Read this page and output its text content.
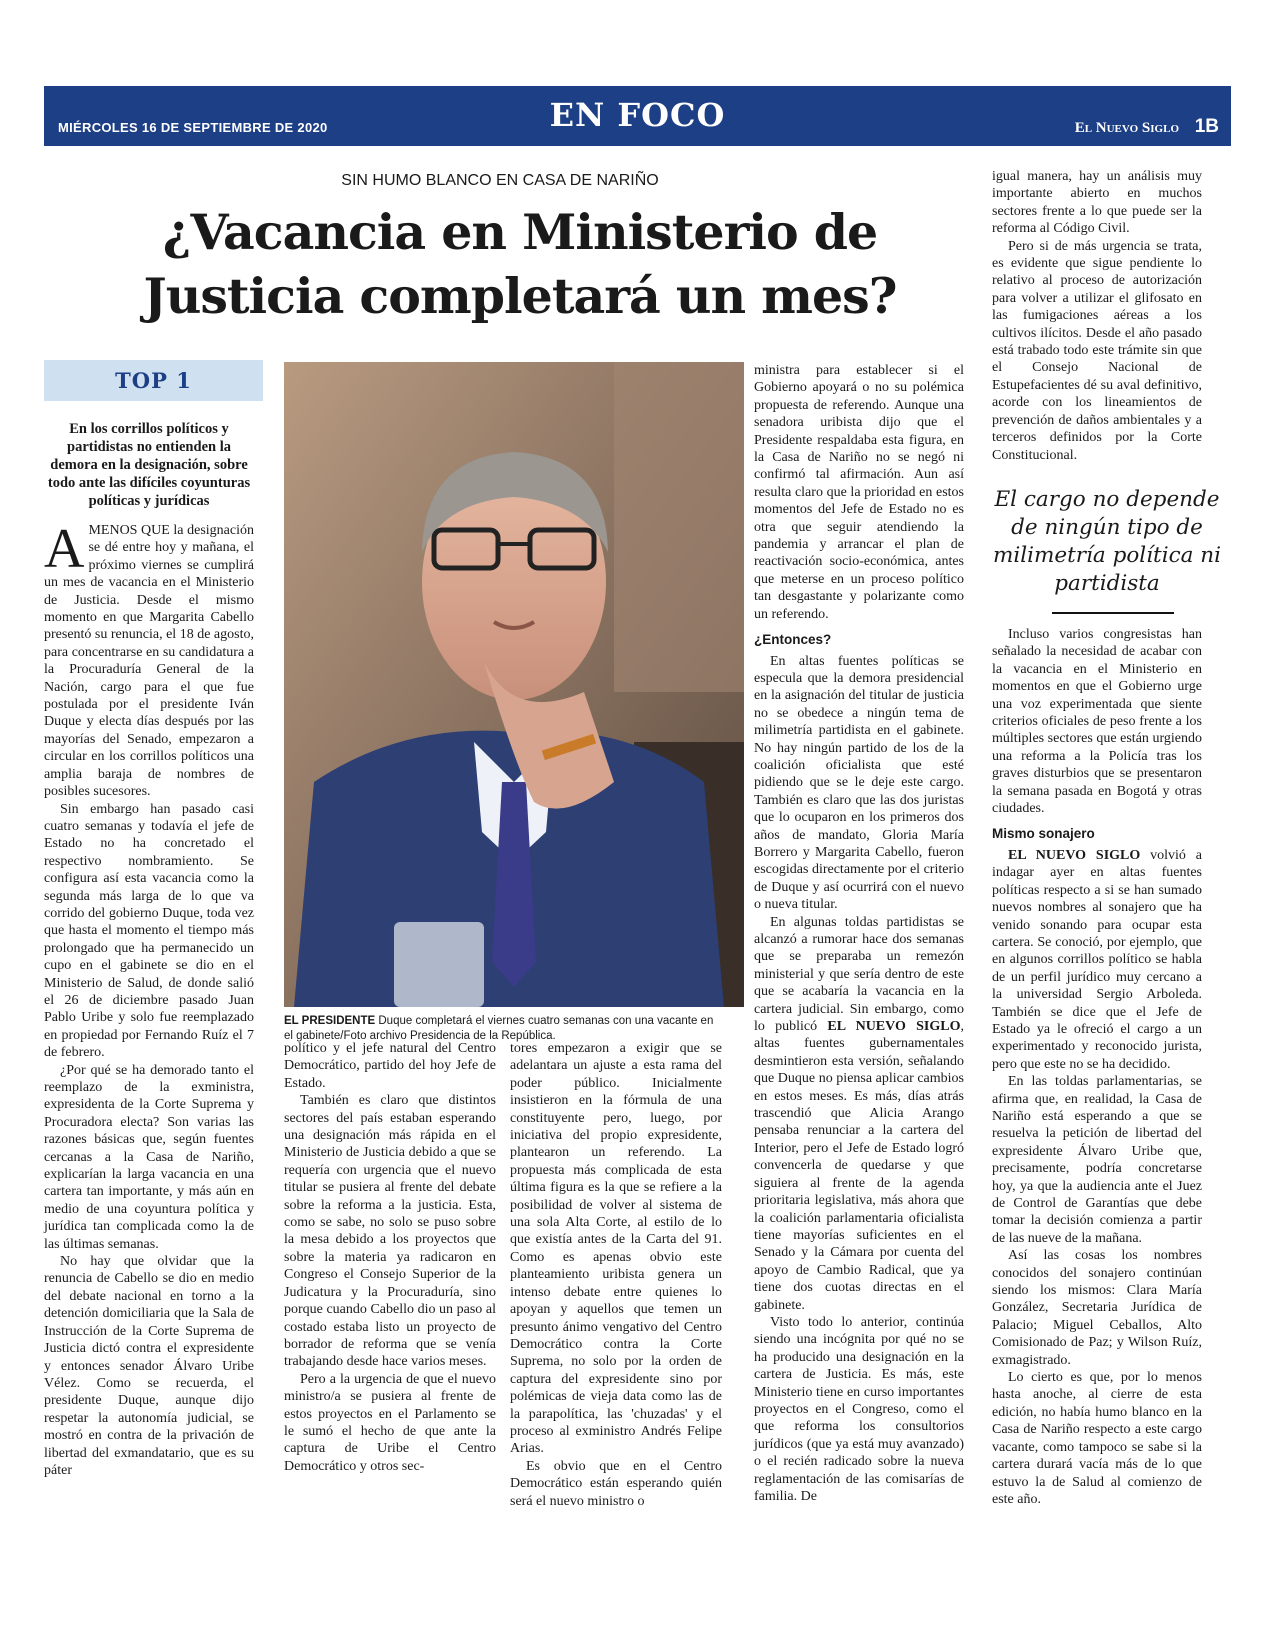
MIÉRCOLES 16 DE SEPTIEMBRE DE 2020	EN FOCO	El Nuevo Siglo 1B
SIN HUMO BLANCO EN CASA DE NARIÑO
¿Vacancia en Ministerio de
Justicia completará un mes?
TOP 1
En los corrillos políticos y partidistas no entienden la demora en la designación, sobre todo ante las difíciles coyunturas políticas y jurídicas

AMENOS QUE la designación se dé entre hoy y mañana, el próximo viernes se cumplirá un mes de vacancia en el Ministerio de Justicia. Desde el mismo momento en que Margarita Cabello presentó su renuncia, el 18 de agosto, para concentrarse en su candidatura a la Procuraduría General de la Nación, cargo para el que fue postulada por el presidente Iván Duque y electa días después por las mayorías del Senado, empezaron a circular en los corrillos políticos una amplia baraja de nombres de posibles sucesores.

Sin embargo han pasado casi cuatro semanas y todavía el jefe de Estado no ha concretado el respectivo nombramiento. Se configura así esta vacancia como la segunda más larga de lo que va corrido del gobierno Duque, toda vez que hasta el momento el tiempo más prolongado que ha permanecido un cupo en el gabinete se dio en el Ministerio de Salud, de donde salió el 26 de diciembre pasado Juan Pablo Uribe y solo fue reemplazado en propiedad por Fernando Ruíz el 7 de febrero.

¿Por qué se ha demorado tanto el reemplazo de la exministra, expresidenta de la Corte Suprema y Procuradora electa? Son varias las razones básicas que, según fuentes cercanas a la Casa de Nariño, explicarían la larga vacancia en una cartera tan importante, y más aún en medio de una coyuntura política y jurídica tan complicada como la de las últimas semanas.

No hay que olvidar que la renuncia de Cabello se dio en medio del debate nacional en torno a la detención domiciliaria que la Sala de Instrucción de la Corte Suprema de Justicia dictó contra el expresidente y entonces senador Álvaro Uribe Vélez. Como se recuerda, el presidente Duque, aunque dijo respetar la autonomía judicial, se mostró en contra de la privación de libertad del exmandatario, que es su páter

EL PRESIDENTE Duque completará el viernes cuatro semanas con una vacante en el gabinete/Foto archivo Presidencia de la República.

político y el jefe natural del Centro Democrático, partido del hoy Jefe de Estado.

También es claro que distintos sectores del país estaban esperando una designación más rápida en el Ministerio de Justicia debido a que se requería con urgencia que el nuevo titular se pusiera al frente del debate sobre la reforma a la justicia. Esta, como se sabe, no solo se puso sobre la mesa debido a los proyectos que sobre la materia ya radicaron en Congreso el Consejo Superior de la Judicatura y la Procuraduría, sino porque cuando Cabello dio un paso al costado estaba listo un proyecto de borrador de reforma que se venía trabajando desde hace varios meses.

Pero a la urgencia de que el nuevo ministro/a se pusiera al frente de estos proyectos en el Parlamento se le sumó el hecho de que ante la captura de Uribe el Centro Democrático y otros sec-

tores empezaron a exigir que se adelantara un ajuste a esta rama del poder público. Inicialmente insistieron en la fórmula de una constituyente pero, luego, por iniciativa del propio expresidente, plantearon un referendo. La propuesta más complicada de esta última figura es la que se refiere a la posibilidad de volver al sistema de una sola Alta Corte, al estilo de lo que existía antes de la Carta del 91. Como es apenas obvio este planteamiento uribista genera un intenso debate entre quienes lo apoyan y aquellos que temen un presunto ánimo vengativo del Centro Democrático contra la Corte Suprema, no solo por la orden de captura del expresidente sino por polémicas de vieja data como las de la parapolítica, las 'chuzadas' y el proceso al exministro Andrés Felipe Arias.

Es obvio que en el Centro Democrático están esperando quién será el nuevo ministro o

ministra para establecer si el Gobierno apoyará o no su polémica propuesta de referendo. Aunque una senadora uribista dijo que el Presidente respaldaba esta figura, en la Casa de Nariño no se negó ni confirmó tal afirmación. Aun así resulta claro que la prioridad en estos momentos del Jefe de Estado no es otra que seguir atendiendo la pandemia y arrancar el plan de reactivación socio-económica, antes que meterse en un proceso político tan desgastante y polarizante como un referendo.

¿Entonces?

En altas fuentes políticas se especula que la demora presidencial en la asignación del titular de justicia no se obedece a ningún tema de milimetría partidista en el gabinete. No hay ningún partido de los de la coalición oficialista que esté pidiendo que se le deje este cargo. También es claro que las dos juristas que lo ocuparon en los primeros dos años de mandato, Gloria María Borrero y Margarita Cabello, fueron escogidas directamente por el criterio de Duque y así ocurrirá con el nuevo o nueva titular.

En algunas toldas partidistas se alcanzó a rumorar hace dos semanas que se preparaba un remezón ministerial y que sería dentro de este que se acabaría la vacancia en la cartera judicial. Sin embargo, como lo publicó EL NUEVO SIGLO, altas fuentes gubernamentales desmintieron esta versión, señalando que Duque no piensa aplicar cambios en estos meses. Es más, días atrás trascendió que Alicia Arango pensaba renunciar a la cartera del Interior, pero el Jefe de Estado logró convencerla de quedarse y que siguiera al frente de la agenda prioritaria legislativa, más ahora que la coalición parlamentaria oficialista tiene mayorías suficientes en el Senado y la Cámara por cuenta del apoyo de Cambio Radical, que ya tiene dos cuotas directas en el gabinete.

Visto todo lo anterior, continúa siendo una incógnita por qué no se ha producido una designación en la cartera de Justicia. Es más, este Ministerio tiene en curso importantes proyectos en el Congreso, como el que reforma los consultorios jurídicos (que ya está muy avanzado) o el recién radicado sobre la nueva reglamentación de las comisarías de familia. De

igual manera, hay un análisis muy importante abierto en muchos sectores frente a lo que puede ser la reforma al Código Civil.

Pero si de más urgencia se trata, es evidente que sigue pendiente lo relativo al proceso de autorización para volver a utilizar el glifosato en las fumigaciones aéreas a los cultivos ilícitos. Desde el año pasado está trabado todo este trámite sin que el Consejo Nacional de Estupefacientes dé su aval definitivo, acorde con los lineamientos de prevención de daños ambientales y a terceros definidos por la Corte Constitucional.

El cargo no depende de ningún tipo de milimetría política ni partidista

Incluso varios congresistas han señalado la necesidad de acabar con la vacancia en el Ministerio en momentos en que el Gobierno urge una voz experimentada que siente criterios oficiales de peso frente a los múltiples sectores que están urgiendo una reforma a la Policía tras los graves disturbios que se presentaron la semana pasada en Bogotá y otras ciudades.

Mismo sonajero

EL NUEVO SIGLO volvió a indagar ayer en altas fuentes políticas respecto a si se han sumado nuevos nombres al sonajero que ha venido sonando para ocupar esta cartera. Se conoció, por ejemplo, que en algunos corrillos político se habla de un perfil jurídico muy cercano a la universidad Sergio Arboleda. También se dice que el Jefe de Estado ya le ofreció el cargo a un experimentado y reconocido jurista, pero que este no se ha decidido.

En las toldas parlamentarias, se afirma que, en realidad, la Casa de Nariño está esperando a que se resuelva la petición de libertad del expresidente Álvaro Uribe que, precisamente, podría concretarse hoy, ya que la audiencia ante el Juez de Control de Garantías que debe tomar la decisión comienza a partir de las nueve de la mañana.

Así las cosas los nombres conocidos del sonajero continúan siendo los mismos: Clara María González, Secretaria Jurídica de Palacio; Miguel Ceballos, Alto Comisionado de Paz; y Wilson Ruíz, exmagistrado.

Lo cierto es que, por lo menos hasta anoche, al cierre de esta edición, no había humo blanco en la Casa de Nariño respecto a este cargo vacante, como tampoco se sabe si la cartera durará vacía más de lo que estuvo la de Salud al comienzo de este año.
